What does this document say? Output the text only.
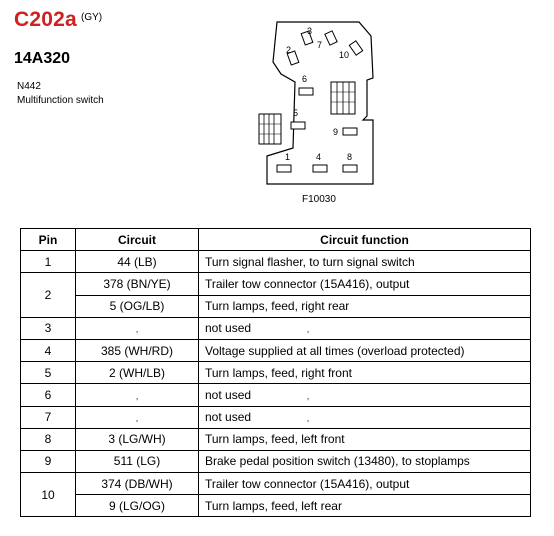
C202a (GY)
14A320
N442
Multifunction switch
2
3
7
10
6
5
9
1	4	8
F10030
Pin	Circuit	Circuit function
1	44 (LB)	Turn signal flasher, to turn signal switch
2	378 (BN/YE)	Trailer tow connector (15A416), output
	5 (OG/LB)	Turn lamps, feed, right rear
3	‚	not used ‚
4	385 (WH/RD)	Voltage supplied at all times (overload protected)
5	2 (WH/LB)	Turn lamps, feed, right front
6	‚	not used ‚
7	‚	not used ‚
8	3 (LG/WH)	Turn lamps, feed, left front
9	511 (LG)	Brake pedal position switch (13480), to stoplamps
10	374 (DB/WH)	Trailer tow connector (15A416), output
	9 (LG/OG)	Turn lamps, feed, left rear
